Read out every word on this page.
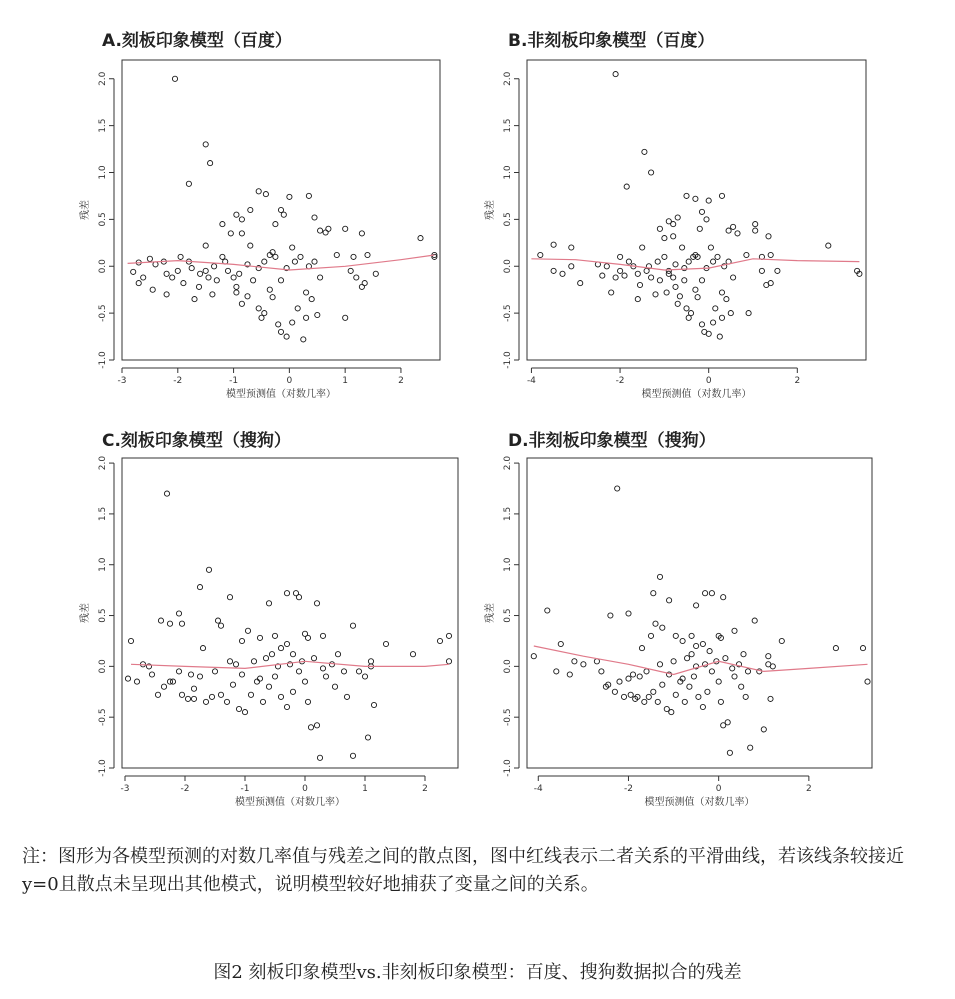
A.刻板印象模型（百度）	B.非刻板印象模型（百度）
C.刻板印象模型（搜狗）	D.非刻板印象模型（搜狗）
-3	-2	-1	0	1	2
-1.0
-0.5
0.0
0.5
1.0
1.5
2.0
模型预测值（对数几率）
残差
-4	-2	0	2
-1.0
-0.5
0.0
0.5
1.0
1.5
2.0
模型预测值（对数几率）
残差
-3	-2	-1	0	1	2
-1.0
-0.5
0.0
0.5
1.0
1.5
2.0
模型预测值（对数几率）
残差
-4	-2	0	2
-1.0
-0.5
0.0
0.5
1.0
1.5
2.0
模型预测值（对数几率）
残差
注：图形为各模型预测的对数几率值与残差之间的散点图，图中红线表示二者关系的平滑曲线，若该线条较接近y=0且散点未呈现出其他模式，说明模型较好地捕获了变量之间的关系。
图2 刻板印象模型vs.非刻板印象模型：百度、搜狗数据拟合的残差
